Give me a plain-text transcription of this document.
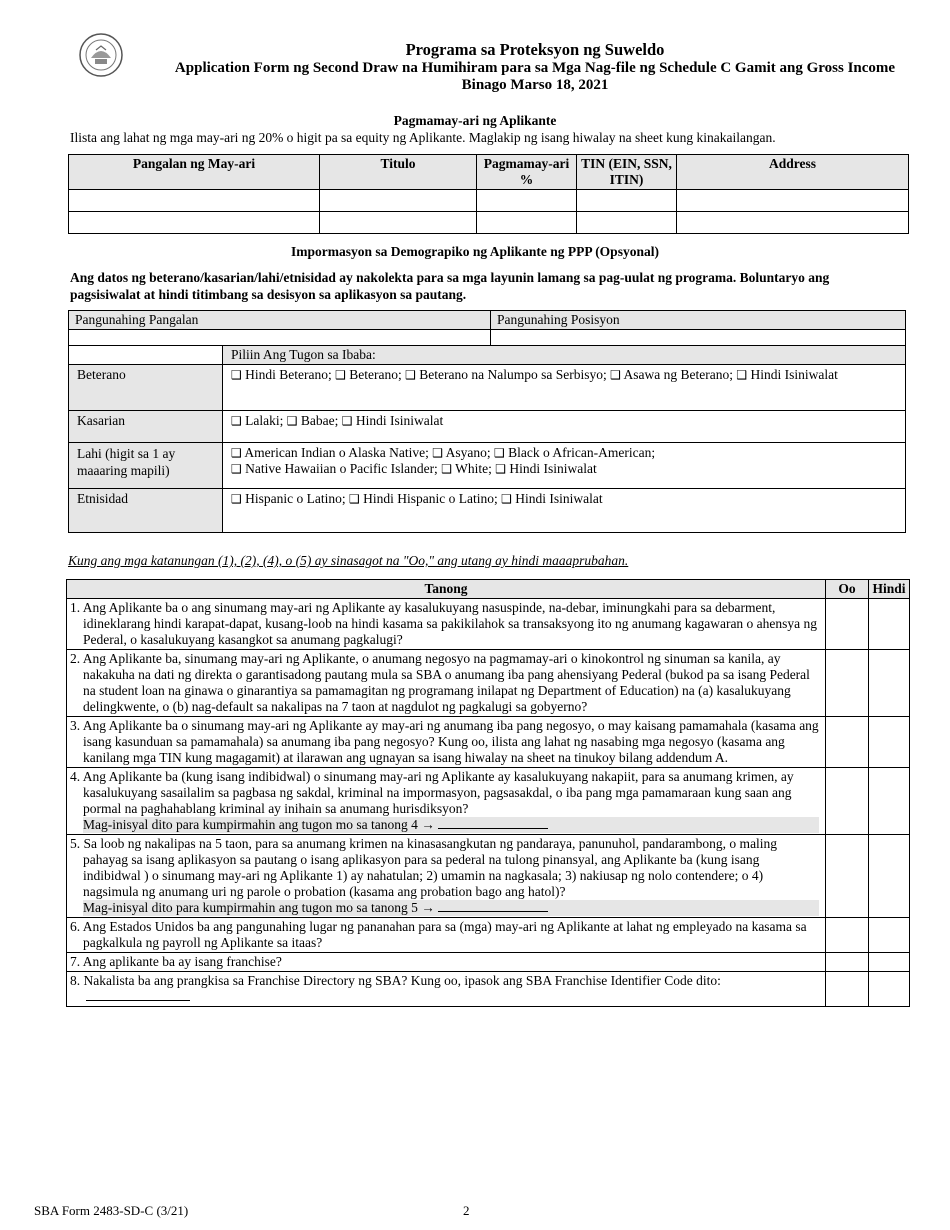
Programa sa Proteksyon ng Suweldo
Application Form ng Second Draw na Humihiram para sa Mga Nag-file ng Schedule C Gamit ang Gross Income
Binago Marso 18, 2021
Pagmamay-ari ng Aplikante
Ilista ang lahat ng mga may-ari ng 20% o higit pa sa equity ng Aplikante. Maglakip ng isang hiwalay na sheet kung kinakailangan.
Pangalan ng May-ari	Titulo	Pagmamay-ari %	TIN (EIN, SSN, ITIN)	Address

Impormasyon sa Demograpiko ng Aplikante ng PPP (Opsyonal)
Ang datos ng beterano/kasarian/lahi/etnisidad ay nakolekta para sa mga layunin lamang sa pag-uulat ng programa. Boluntaryo ang pagsisiwalat at hindi titimbang sa desisyon sa aplikasyon sa pautang.
Pangunahing Pangalan	Pangunahing Posisyon

	Piliin Ang Tugon sa Ibaba:
Beterano	❑ Hindi Beterano; ❑ Beterano; ❑ Beterano na Nalumpo sa Serbisyo; ❑ Asawa ng Beterano; ❑ Hindi Isiniwalat
Kasarian	❑ Lalaki; ❑ Babae; ❑ Hindi Isiniwalat
Lahi (higit sa 1 ay
maaaring mapili)	❑ American Indian o Alaska Native; ❑ Asyano; ❑ Black o African-American;
❑ Native Hawaiian o Pacific Islander; ❑ White; ❑ Hindi Isiniwalat
Etnisidad	❑ Hispanic o Latino; ❑ Hindi Hispanic o Latino; ❑ Hindi Isiniwalat
Kung ang mga katanungan (1), (2), (4), o (5) ay sinasagot na "Oo," ang utang ay hindi maaaprubahan.
Tanong	Oo	Hindi
1. Ang Aplikante ba o ang sinumang may-ari ng Aplikante ay kasalukuyang nasuspinde, na-debar, iminungkahi para sa debarment, idineklarang hindi karapat-dapat, kusang-loob na hindi kasama sa pakikilahok sa transaksyong ito ng anumang kagawaran o ahensya ng Pederal, o kasalukuyang kasangkot sa anumang pagkalugi?		
2. Ang Aplikante ba, sinumang may-ari ng Aplikante, o anumang negosyo na pagmamay-ari o kinokontrol ng sinuman sa kanila, ay nakakuha na dati ng direkta o garantisadong pautang mula sa SBA o anumang iba pang ahensiyang Pederal (bukod pa sa isang Pederal na student loan na ginawa o ginarantiya sa pamamagitan ng programang inilapat ng Department of Education) na (a) kasalukuyang delingkwente, o (b) nag-default sa nakalipas na 7 taon at nagdulot ng pagkalugi sa gobyerno?		
3. Ang Aplikante ba o sinumang may-ari ng Aplikante ay may-ari ng anumang iba pang negosyo, o may kaisang pamamahala (kasama ang isang kasunduan sa pamamahala) sa anumang iba pang negosyo? Kung oo, ilista ang lahat ng nasabing mga negosyo (kasama ang kanilang mga TIN kung magagamit) at ilarawan ang ugnayan sa isang hiwalay na sheet na tinukoy bilang addendum A.		
4. Ang Aplikante ba (kung isang indibidwal) o sinumang may-ari ng Aplikante ay kasalukuyang nakapiit, para sa anumang krimen, ay kasalukuyang sasailalim sa pagbasa ng sakdal, kriminal na impormasyon, pagsasakdal, o iba pang mga pamamaraan kung saan ang pormal na paghahablang kriminal ay inihain sa anumang hurisdiksyon?
Mag-inisyal dito para kumpirmahin ang tugon mo sa tanong 4 →		

5. Sa loob ng nakalipas na 5 taon, para sa anumang krimen na kinasasangkutan ng pandaraya, panunuhol, pandarambong, o maling pahayag sa isang aplikasyon sa pautang o isang aplikasyon para sa pederal na tulong pinansyal, ang Aplikante ba (kung isang indibidwal ) o sinumang may-ari ng Aplikante 1) ay nahatulan; 2) umamin na nagkasala; 3) nakiusap ng nolo contendere; o 4) nagsimula ng anumang uri ng parole o probation (kasama ang probation bago ang hatol)?
Mag-inisyal dito para kumpirmahin ang tugon mo sa tanong 5 →		

6. Ang Estados Unidos ba ang pangunahing lugar ng pananahan para sa (mga) may-ari ng Aplikante at lahat ng empleyado na kasama sa pagkalkula ng payroll ng Aplikante sa itaas?		
7. Ang aplikante ba ay isang franchise?		
8. Nakalista ba ang prangkisa sa Franchise Directory ng SBA? Kung oo, ipasok ang SBA Franchise Identifier Code dito:

SBA Form 2483-SD-C (3/21)	2
